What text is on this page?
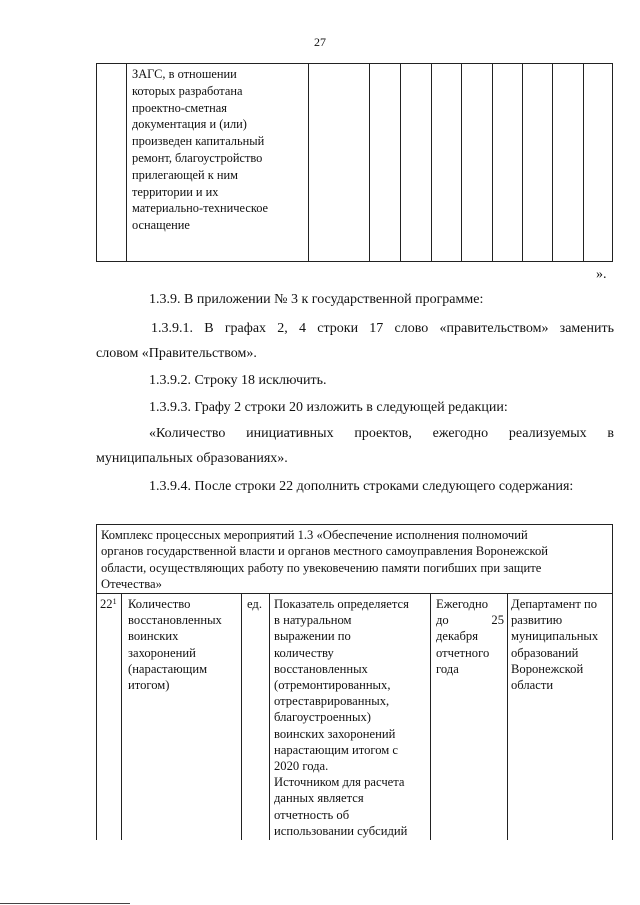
27
ЗАГС, в отношении
которых разработана
проектно-сметная
документация и (или)
произведен капитальный
ремонт, благоустройство
прилегающей к ним
территории и их
материально-техническое
оснащение
».
1.3.9. В приложении № 3 к государственной программе:
1.3.9.1. В графах 2, 4 строки 17 слово «правительством» заменить
словом «Правительством».
1.3.9.2. Строку 18 исключить.
1.3.9.3. Графу 2 строки 20 изложить в следующей редакции:
«Количество инициативных проектов, ежегодно реализуемых в
муниципальных образованиях».
1.3.9.4. После строки 22 дополнить строками следующего содержания:
Комплекс процессных мероприятий 1.3 «Обеспечение исполнения полномочий
органов государственной власти и органов местного самоуправления Воронежской
области, осуществляющих работу по увековечению памяти погибших при защите
Отечества»
$22^1$ Количество
восстановленных
воинских
захоронений
(нарастающим
итогом)
ед. Показатель определяется
в натуральном
выражении по
количеству
восстановленных
(отремонтированных,
отреставрированных,
благоустроенных)
воинских захоронений
нарастающим итогом с
2020 года.
Источником для расчета
данных является
отчетность об
использовании субсидий
Ежегодно
до	25
декабря
отчетного
года
Департамент по
развитию
муниципальных
образований
Воронежской
области
